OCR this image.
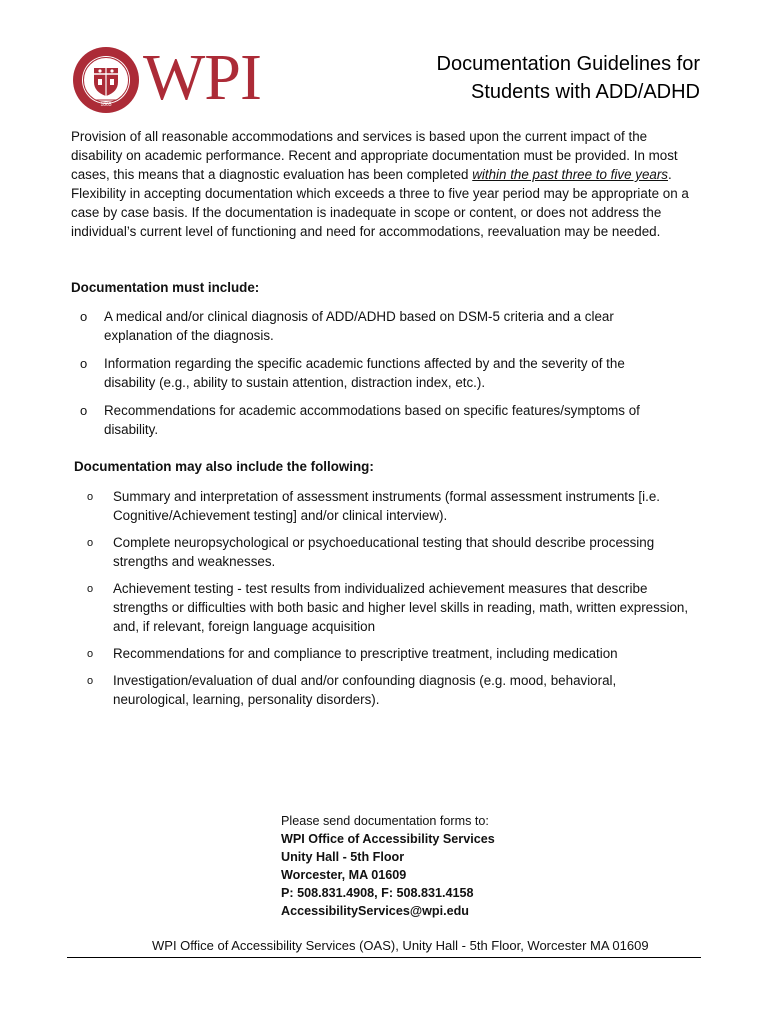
1865 WPI	Documentation Guidelines for
Students with ADD/ADHD

Provision of all reasonable accommodations and services is based upon the current impact of the disability on academic performance. Recent and appropriate documentation must be provided. In most cases, this means that a diagnostic evaluation has been completed within the past three to five years. Flexibility in accepting documentation which exceeds a three to five year period may be appropriate on a case by case basis. If the documentation is inadequate in scope or content, or does not address the individual’s current level of functioning and need for accommodations, reevaluation may be needed.

Documentation must include:

o A medical and/or clinical diagnosis of ADD/ADHD based on DSM-5 criteria and a clear explanation of the diagnosis.
o Information regarding the specific academic functions affected by and the severity of the disability (e.g., ability to sustain attention, distraction index, etc.).
o Recommendations for academic accommodations based on specific features/symptoms of disability.

Documentation may also include the following:

o Summary and interpretation of assessment instruments (formal assessment instruments [i.e. Cognitive/Achievement testing] and/or clinical interview).
o Complete neuropsychological or psychoeducational testing that should describe processing strengths and weaknesses.
o Achievement testing - test results from individualized achievement measures that describe strengths or difficulties with both basic and higher level skills in reading, math, written expression, and, if relevant, foreign language acquisition
o Recommendations for and compliance to prescriptive treatment, including medication
o Investigation/evaluation of dual and/or confounding diagnosis (e.g. mood, behavioral, neurological, learning, personality disorders).
Please send documentation forms to:
WPI Office of Accessibility Services
Unity Hall - 5th Floor
Worcester, MA 01609
P: 508.831.4908, F: 508.831.4158
AccessibilityServices@wpi.edu
WPI Office of Accessibility Services (OAS), Unity Hall - 5th Floor, Worcester MA 01609
